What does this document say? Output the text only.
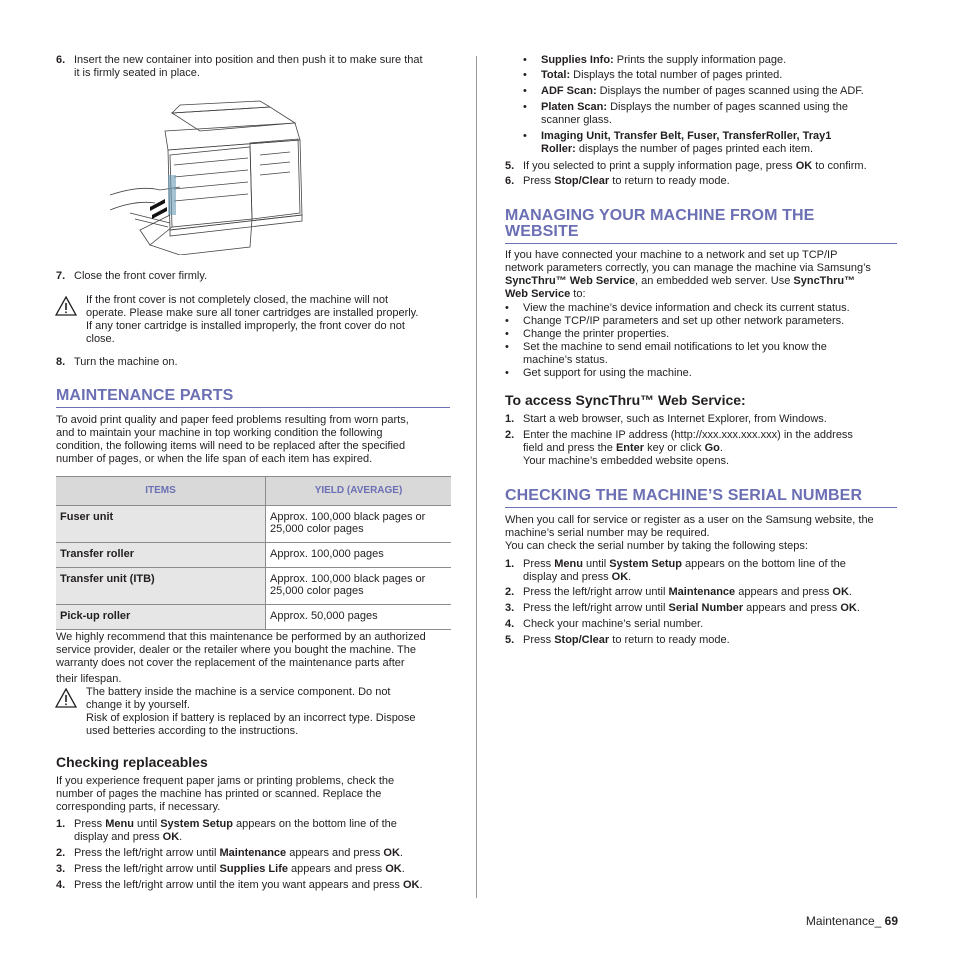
6. Insert the new container into position and then push it to make sure that
it is firmly seated in place.
7. Close the front cover firmly.
If the front cover is not completely closed, the machine will not
operate. Please make sure all toner cartridges are installed properly.
If any toner cartridge is installed improperly, the front cover do not
close.
8. Turn the machine on.
MAINTENANCE PARTS
To avoid print quality and paper feed problems resulting from worn parts,
and to maintain your machine in top working condition the following
condition, the following items will need to be replaced after the specified
number of pages, or when the life span of each item has expired.
ITEMS	YIELD (AVERAGE)
Fuser unit	Approx. 100,000 black pages or
25,000 color pages

Transfer roller	Approx. 100,000 pages
Transfer unit (ITB)	Approx. 100,000 black pages or
25,000 color pages

Pick-up roller	Approx. 50,000 pages
We highly recommend that this maintenance be performed by an authorized
service provider, dealer or the retailer where you bought the machine. The
warranty does not cover the replacement of the maintenance parts after
their lifespan.
The battery inside the machine is a service component. Do not
change it by yourself.
Risk of explosion if battery is replaced by an incorrect type. Dispose
used betteries according to the instructions.
Checking replaceables
If you experience frequent paper jams or printing problems, check the
number of pages the machine has printed or scanned. Replace the
corresponding parts, if necessary.
1. Press Menu until System Setup appears on the bottom line of the
display and press OK.
2. Press the left/right arrow until Maintenance appears and press OK.
3. Press the left/right arrow until Supplies Life appears and press OK.
4. Press the left/right arrow until the item you want appears and press OK.
• Supplies Info: Prints the supply information page.
• Total: Displays the total number of pages printed.
• ADF Scan: Displays the number of pages scanned using the ADF.
• Platen Scan: Displays the number of pages scanned using the
scanner glass.
• Imaging Unit, Transfer Belt, Fuser, TransferRoller, Tray1
Roller: displays the number of pages printed each item.
5. If you selected to print a supply information page, press OK to confirm.
6. Press Stop/Clear to return to ready mode.
MANAGING YOUR MACHINE FROM THE
WEBSITE
If you have connected your machine to a network and set up TCP/IP
network parameters correctly, you can manage the machine via Samsung’s
SyncThru™ Web Service, an embedded web server. Use SyncThru™
Web Service to:
• View the machine’s device information and check its current status.
• Change TCP/IP parameters and set up other network parameters.
• Change the printer properties.
• Set the machine to send email notifications to let you know the
machine’s status.
• Get support for using the machine.
To access SyncThru™ Web Service:
1. Start a web browser, such as Internet Explorer, from Windows.
2. Enter the machine IP address (http://xxx.xxx.xxx.xxx) in the address
field and press the Enter key or click Go.
Your machine’s embedded website opens.
CHECKING THE MACHINE’S SERIAL NUMBER
When you call for service or register as a user on the Samsung website, the
machine’s serial number may be required.
You can check the serial number by taking the following steps:
1. Press Menu until System Setup appears on the bottom line of the
display and press OK.
2. Press the left/right arrow until Maintenance appears and press OK.
3. Press the left/right arrow until Serial Number appears and press OK.
4. Check your machine’s serial number.
5. Press Stop/Clear to return to ready mode.
Maintenance_ 69
